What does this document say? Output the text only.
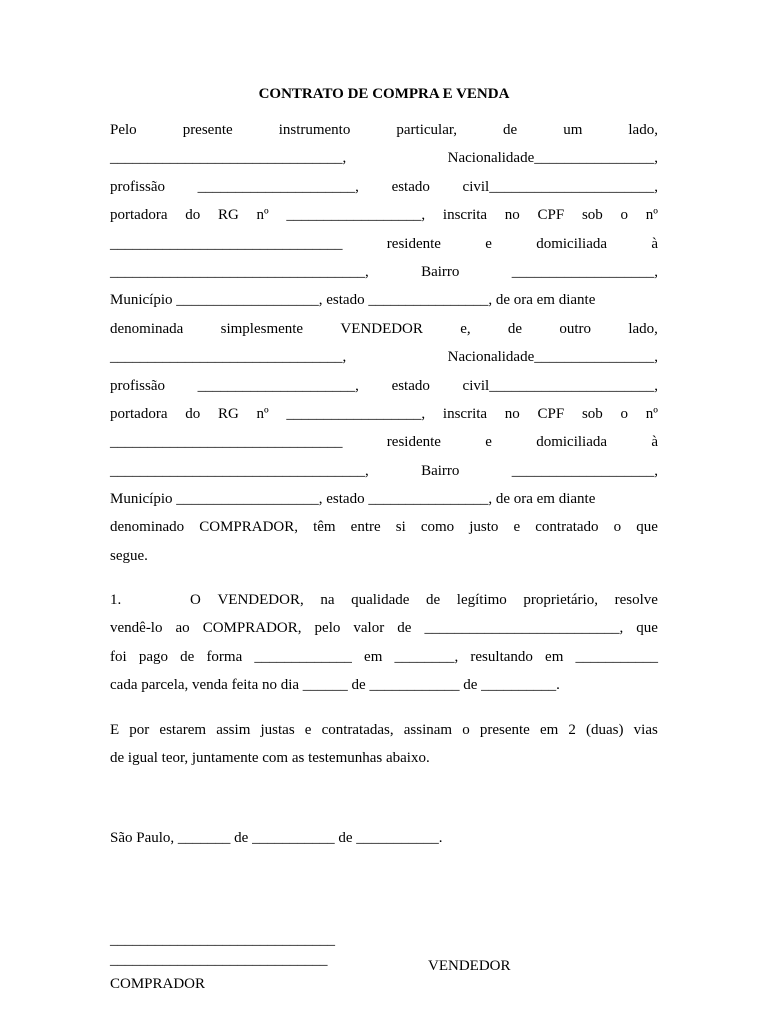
CONTRATO DE COMPRA E VENDA
Pelo	presente	instrumento	particular,	de	um	lado,
_______________________________,	Nacionalidade________________,
profissão _____________________, estado civil______________________,
portadora do RG nº __________________, inscrita no CPF sob o nº
_______________________________	residente	e	domiciliada	à
__________________________________,	Bairro	___________________,
Município ___________________, estado ________________, de ora em diante
denominada simplesmente VENDEDOR e, de outro lado,
_______________________________,	Nacionalidade________________,
profissão _____________________, estado civil______________________,
portadora do RG nº __________________, inscrita no CPF sob o nº
_______________________________	residente	e	domiciliada	à
__________________________________,	Bairro	___________________,
Município ___________________, estado ________________, de ora em diante
denominado COMPRADOR, têm entre si como justo e contratado o que
segue.
1.	O VENDEDOR, na qualidade de legítimo proprietário, resolve
vendê-lo ao COMPRADOR, pelo valor de __________________________, que
foi pago de forma _____________ em ________, resultando em ___________
cada parcela, venda feita no dia ______ de ____________ de __________.
E por estarem assim justas e contratadas, assinam o presente em 2 (duas) vias
de igual teor, juntamente com as testemunhas abaixo.
São Paulo, _______ de ___________ de ___________.
______________________________
_____________________________	VENDEDOR
COMPRADOR
